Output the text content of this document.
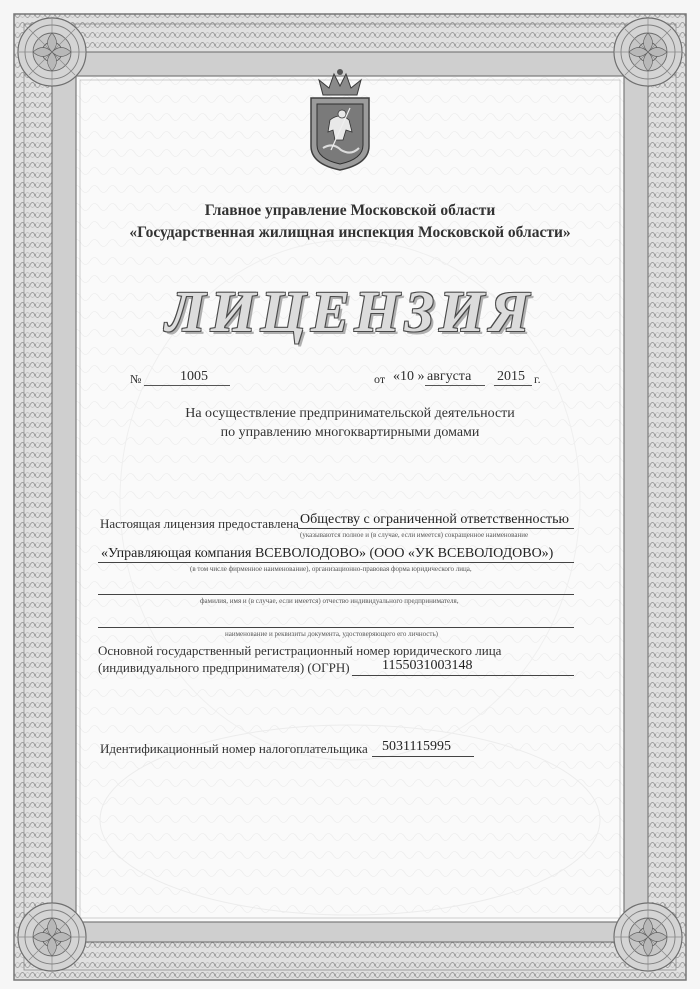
Главное управление Московской области
«Государственная жилищная инспекция Московской области»
ЛИЦЕНЗИЯ
№	1005	от «10 » августа 2015 г.
На осуществление предпринимательской деятельности
по управлению многоквартирными домами
Настоящая лицензия предоставлена Обществу с ограниченной ответственностью
(указываются полное и (в случае, если имеется) сокращенное наименование
«Управляющая компания ВСЕВОЛОДОВО» (ООО «УК ВСЕВОЛОДОВО»)
(в том числе фирменное наименование), организационно-правовая форма юридического лица,
фамилия, имя и (в случае, если имеется) отчество индивидуального предпринимателя,
наименование и реквизиты документа, удостоверяющего его личность)
Основной государственный регистрационный номер юридического лица
(индивидуального предпринимателя) (ОГРН) 1155031003148
Идентификационный номер налогоплательщика 5031115995
